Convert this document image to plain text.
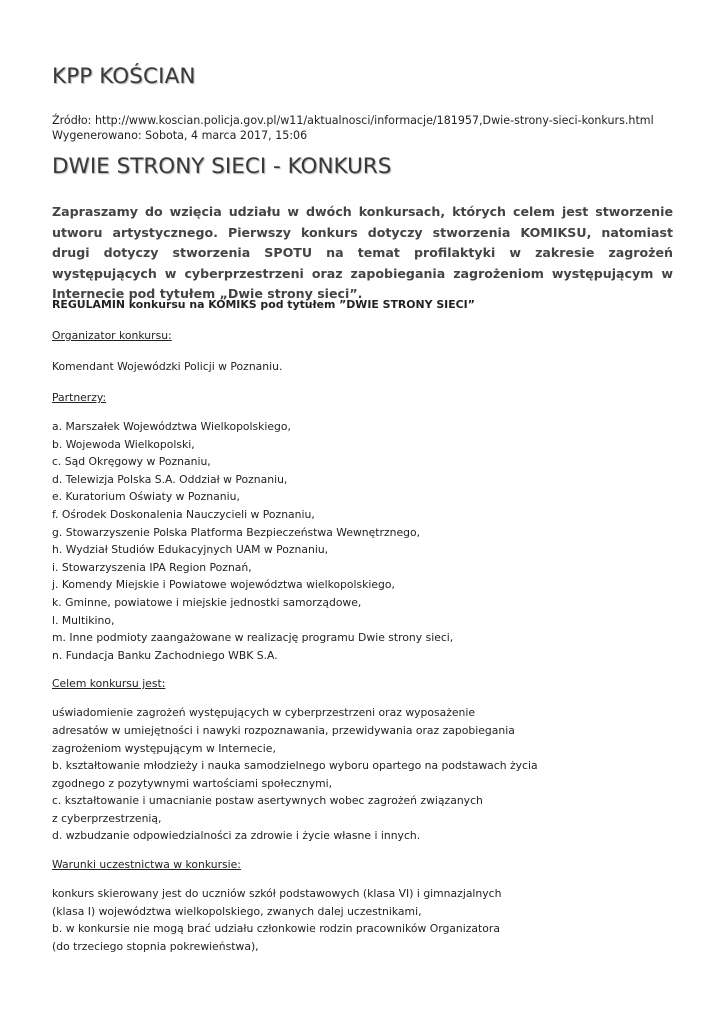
KPP KOŚCIAN
Źródło: http://www.koscian.policja.gov.pl/w11/aktualnosci/informacje/181957,Dwie-strony-sieci-konkurs.html
Wygenerowano: Sobota, 4 marca 2017, 15:06
DWIE STRONY SIECI - KONKURS

Zapraszamy do wzięcia udziału w dwóch konkursach, których celem jest stworzenie utworu artystycznego. Pierwszy konkurs dotyczy stworzenia KOMIKSU, natomiast drugi dotyczy stworzenia SPOTU na temat profilaktyki w zakresie zagrożeń występujących w cyberprzestrzeni oraz zapobiegania zagrożeniom występującym w Internecie pod tytułem „Dwie strony sieci”.

REGULAMIN konkursu na KOMIKS pod tytułem ”DWIE STRONY SIECI”

Organizator konkursu:

Komendant Wojewódzki Policji w Poznaniu.

Partnerzy:

a. Marszałek Województwa Wielkopolskiego,

b. Wojewoda Wielkopolski,

c. Sąd Okręgowy w Poznaniu,

d. Telewizja Polska S.A. Oddział w Poznaniu,

e. Kuratorium Oświaty w Poznaniu,

f. Ośrodek Doskonalenia Nauczycieli w Poznaniu,

g. Stowarzyszenie Polska Platforma Bezpieczeństwa Wewnętrznego,

h. Wydział Studiów Edukacyjnych UAM w Poznaniu,

i. Stowarzyszenia IPA Region Poznań,

j. Komendy Miejskie i Powiatowe województwa wielkopolskiego,

k. Gminne, powiatowe i miejskie jednostki samorządowe,

l. Multikino,

m. Inne podmioty zaangażowane w realizację programu Dwie strony sieci,

n. Fundacja Banku Zachodniego WBK S.A.

Celem konkursu jest:

uświadomienie zagrożeń występujących w cyberprzestrzeni oraz wyposażenie

adresatów w umiejętności i nawyki rozpoznawania, przewidywania oraz zapobiegania

zagrożeniom występującym w Internecie,

b. kształtowanie młodzieży i nauka samodzielnego wyboru opartego na podstawach życia

zgodnego z pozytywnymi wartościami społecznymi,

c. kształtowanie i umacnianie postaw asertywnych wobec zagrożeń związanych

z cyberprzestrzenią,

d. wzbudzanie odpowiedzialności za zdrowie i życie własne i innych.

Warunki uczestnictwa w konkursie:

konkurs skierowany jest do uczniów szkół podstawowych (klasa VI) i gimnazjalnych

(klasa I) województwa wielkopolskiego, zwanych dalej uczestnikami,

b. w konkursie nie mogą brać udziału członkowie rodzin pracowników Organizatora

(do trzeciego stopnia pokrewieństwa),
